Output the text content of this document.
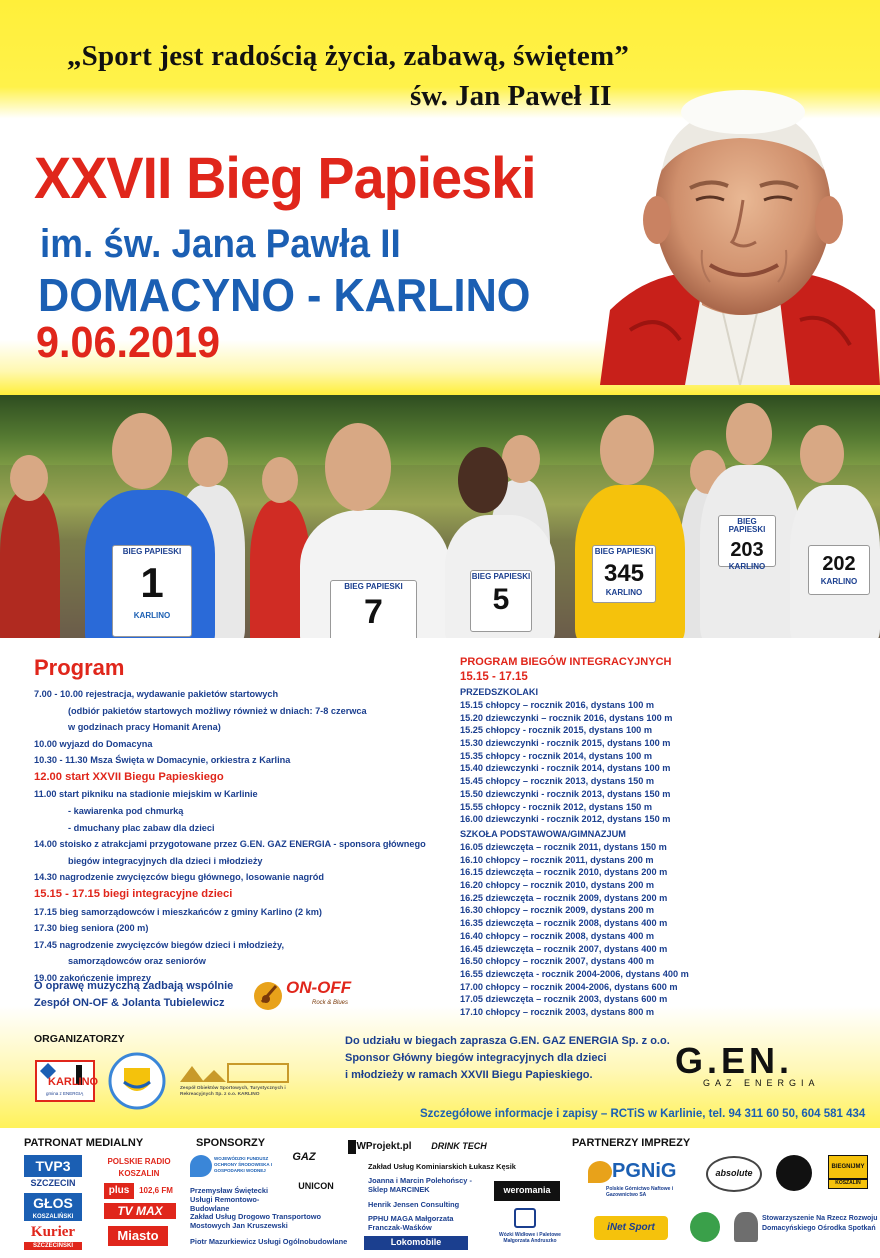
„Sport jest radością życia, zabawą, świętem”
św. Jan Paweł II
XXVII Bieg Papieski
im. św. Jana Pawła II
DOMACYNO - KARLINO
9.06.2019
BIEG PAPIESKI
1
KARLINO
BIEG PAPIESKI
7
BIEG PAPIESKI
5
BIEG PAPIESKI
345
KARLINO
BIEG PAPIESKI
203
KARLINO	202
KARLINO
Program
7.00 - 10.00 rejestracja, wydawanie pakietów startowych
(odbiór pakietów startowych możliwy również w dniach: 7-8 czerwca
w godzinach pracy Homanit Arena)
10.00 wyjazd do Domacyna
10.30 - 11.30 Msza Święta w Domacynie, orkiestra z Karlina
12.00 start XXVII Biegu Papieskiego
11.00 start pikniku na stadionie miejskim w Karlinie
- kawiarenka pod chmurką
- dmuchany plac zabaw dla dzieci
14.00 stoisko z atrakcjami przygotowane przez G.EN. GAZ ENERGIA - sponsora głównego
biegów integracyjnych dla dzieci i młodzieży
14.30 nagrodzenie zwycięzców biegu głównego, losowanie nagród
15.15 - 17.15 biegi integracyjne dzieci
17.15 bieg samorządowców i mieszkańców z gminy Karlino (2 km)
17.30 bieg seniora (200 m)
17.45 nagrodzenie zwycięzców biegów dzieci i młodzieży,
samorządowców oraz seniorów
19.00 zakończenie imprezy
O oprawę muzyczną zadbają wspólnie
Zespół ON-OF & Jolanta Tubielewicz
ON-OFF
Rock & Blues
PROGRAM BIEGÓW INTEGRACYJNYCH
15.15 - 17.15
PRZEDSZKOLAKI
15.15 chłopcy – rocznik 2016, dystans 100 m
15.20 dziewczynki – rocznik 2016, dystans 100 m
15.25 chłopcy - rocznik 2015, dystans 100 m
15.30 dziewczynki - rocznik 2015, dystans 100 m
15.35 chłopcy - rocznik 2014, dystans 100 m
15.40 dziewczynki - rocznik 2014, dystans 100 m
15.45 chłopcy – rocznik 2013, dystans 150 m
15.50 dziewczynki - rocznik 2013, dystans 150 m
15.55 chłopcy - rocznik 2012, dystans 150 m
16.00 dziewczynki - rocznik 2012, dystans 150 m
SZKOŁA PODSTAWOWA/GIMNAZJUM
16.05 dziewczęta – rocznik 2011, dystans 150 m
16.10 chłopcy – rocznik 2011, dystans 200 m
16.15 dziewczęta – rocznik 2010, dystans 200 m
16.20 chłopcy – rocznik 2010, dystans 200 m
16.25 dziewczęta – rocznik 2009, dystans 200 m
16.30 chłopcy – rocznik 2009, dystans 200 m
16.35 dziewczęta – rocznik 2008, dystans 400 m
16.40 chłopcy – rocznik 2008, dystans 400 m
16.45 dziewczęta – rocznik 2007, dystans 400 m
16.50 chłopcy – rocznik 2007, dystans 400 m
16.55 dziewczęta - rocznik 2004-2006, dystans 400 m
17.00 chłopcy – rocznik 2004-2006, dystans 600 m
17.05 dziewczęta – rocznik 2003, dystans 600 m
17.10 chłopcy – rocznik 2003, dystans 800 m
ORGANIZATORZY
KARLINO
gmina z ENERGIĄ
Zespół Obiektów Sportowych, Turystycznych i Rekreacyjnych Sp. z o.o. KARLINO
Do udziału w biegach zaprasza G.EN. GAZ ENERGIA Sp. z o.o.
Sponsor Główny biegów integracyjnych dla dzieci
i młodzieży w ramach XXVII Biegu Papieskiego.	G.EN.
GAZ ENERGIA
Szczegółowe informacje i zapisy – RCTiS w Karlinie, tel. 94 311 60 50, 604 581 434
PATRONAT MEDIALNY	SPONSORZY	PARTNERZY IMPREZY
TVP3
SZCZECIN
GŁOS
KOSZALIŃSKI
Kurier
SZCZECIŃSKI
POLSKIE RADIO
KOSZALIN
plus	102,6 FM
TV MAX
Miasto
WOJEWÓDZKI FUNDUSZ OCHRONY ŚRODOWISKA I GOSPODARKI WODNEJ
GAZ
WProjekt.pl	DRINK TECH
UNICON
Zakład Usług Kominiarskich Łukasz Kęsik
Przemysław Świętecki Usługi Remontowo-Budowlane
Joanna i Marcin Polehońscy - Sklep MARCINEK	weromania
Zakład Usług Drogowo Transportowo Mostowych Jan Kruszewski
Henrik Jensen Consulting
PPHU MAGA Małgorzata Franczak-Waśków
Piotr Mazurkiewicz Usługi Ogólnobudowlane	Lokomobile
Wózki Widłowe i Paletowe Małgorzata Andruszko
PGNiG
Polskie Górnictwo Naftowe i Gazownictwo SA
absolute
BIEGNIJMY
KOSZALIN
iNet Sport
Stowarzyszenie Na Rzecz Rozwoju Domacyńskiego Ośrodka Spotkań
